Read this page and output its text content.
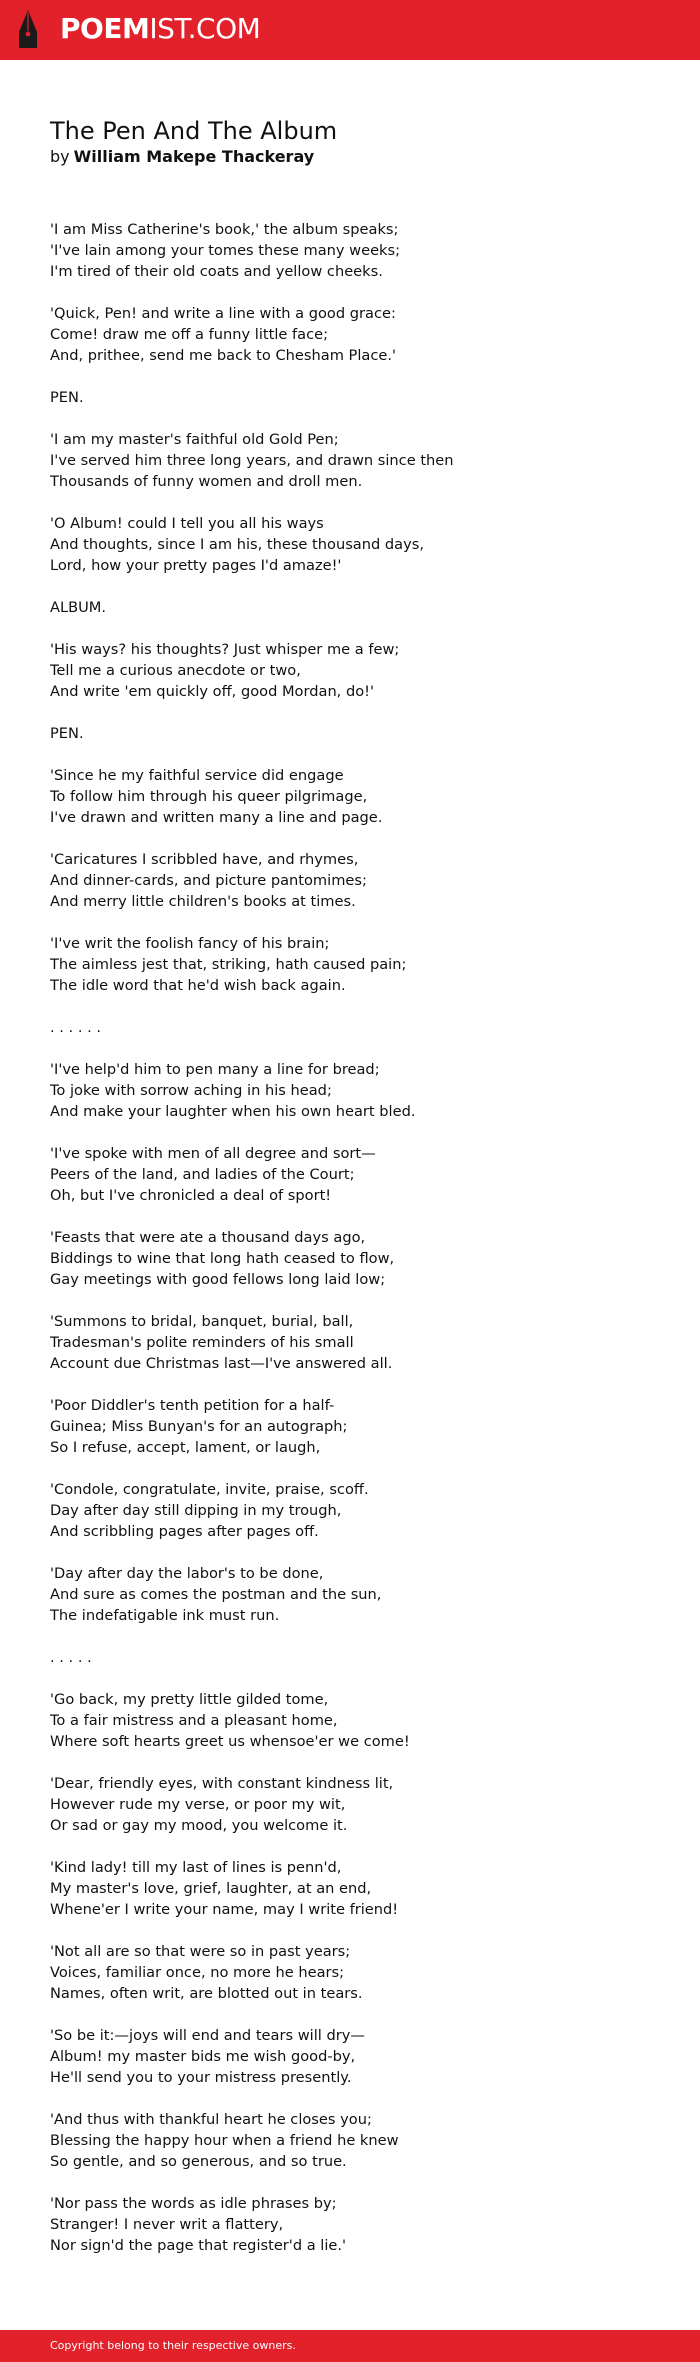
POEMIST.COM
The Pen And The Album
by William Makepe Thackeray
'I am Miss Catherine's book,' the album speaks;
'I've lain among your tomes these many weeks;
I'm tired of their old coats and yellow cheeks.
'Quick, Pen! and write a line with a good grace:
Come! draw me off a funny little face;
And, prithee, send me back to Chesham Place.'
PEN.
'I am my master's faithful old Gold Pen;
I've served him three long years, and drawn since then
Thousands of funny women and droll men.
'O Album! could I tell you all his ways
And thoughts, since I am his, these thousand days,
Lord, how your pretty pages I'd amaze!'
ALBUM.
'His ways? his thoughts? Just whisper me a few;
Tell me a curious anecdote or two,
And write 'em quickly off, good Mordan, do!'
PEN.
'Since he my faithful service did engage
To follow him through his queer pilgrimage,
I've drawn and written many a line and page.
'Caricatures I scribbled have, and rhymes,
And dinner-cards, and picture pantomimes;
And merry little children's books at times.
'I've writ the foolish fancy of his brain;
The aimless jest that, striking, hath caused pain;
The idle word that he'd wish back again.
. . . . . .
'I've help'd him to pen many a line for bread;
To joke with sorrow aching in his head;
And make your laughter when his own heart bled.
'I've spoke with men of all degree and sort—
Peers of the land, and ladies of the Court;
Oh, but I've chronicled a deal of sport!
'Feasts that were ate a thousand days ago,
Biddings to wine that long hath ceased to flow,
Gay meetings with good fellows long laid low;
'Summons to bridal, banquet, burial, ball,
Tradesman's polite reminders of his small
Account due Christmas last—I've answered all.
'Poor Diddler's tenth petition for a half-
Guinea; Miss Bunyan's for an autograph;
So I refuse, accept, lament, or laugh,
'Condole, congratulate, invite, praise, scoff.
Day after day still dipping in my trough,
And scribbling pages after pages off.
'Day after day the labor's to be done,
And sure as comes the postman and the sun,
The indefatigable ink must run.
. . . . .
'Go back, my pretty little gilded tome,
To a fair mistress and a pleasant home,
Where soft hearts greet us whensoe'er we come!
'Dear, friendly eyes, with constant kindness lit,
However rude my verse, or poor my wit,
Or sad or gay my mood, you welcome it.
'Kind lady! till my last of lines is penn'd,
My master's love, grief, laughter, at an end,
Whene'er I write your name, may I write friend!
'Not all are so that were so in past years;
Voices, familiar once, no more he hears;
Names, often writ, are blotted out in tears.
'So be it:—joys will end and tears will dry—
Album! my master bids me wish good-by,
He'll send you to your mistress presently.
'And thus with thankful heart he closes you;
Blessing the happy hour when a friend he knew
So gentle, and so generous, and so true.
'Nor pass the words as idle phrases by;
Stranger! I never writ a flattery,
Nor sign'd the page that register'd a lie.'
Copyright belong to their respective owners.
